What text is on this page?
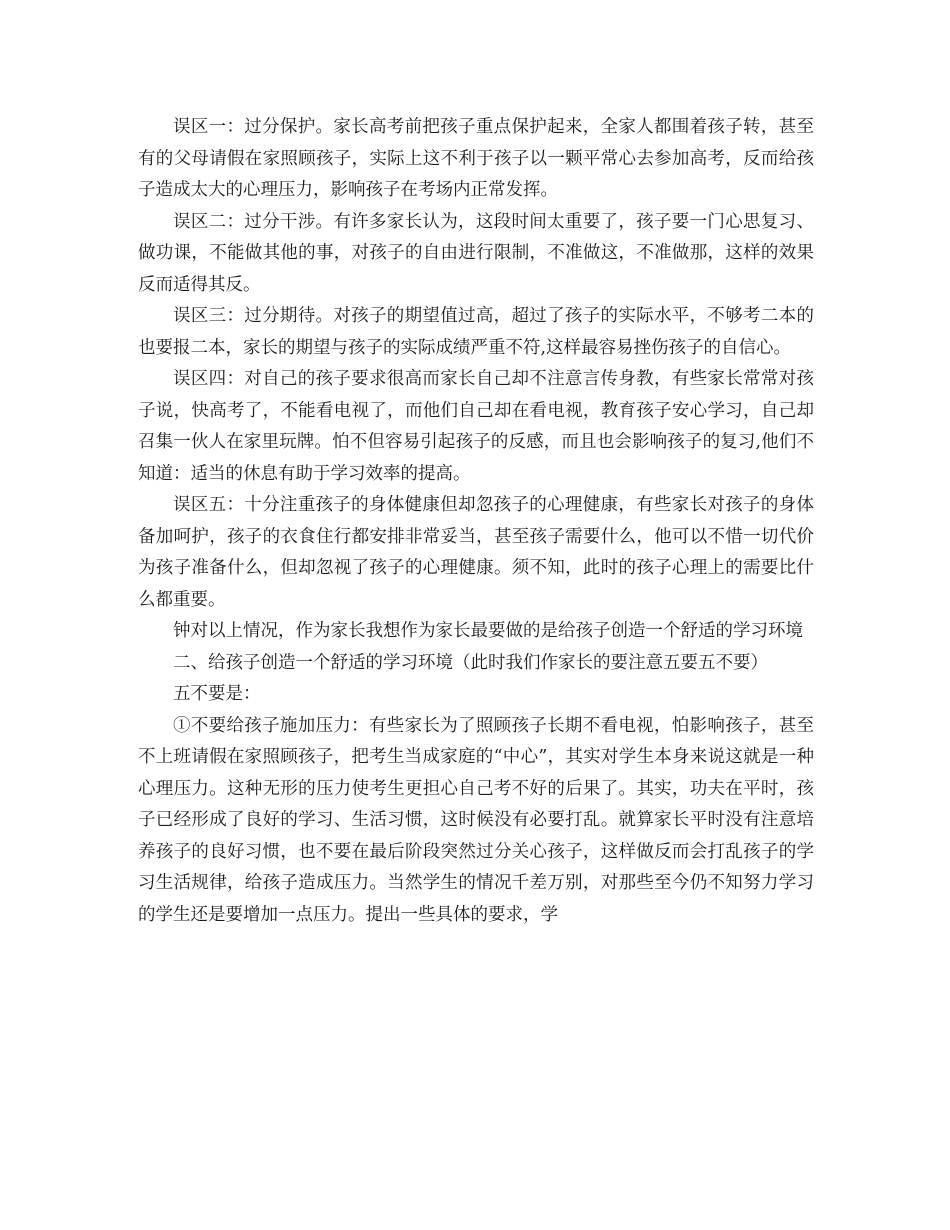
误区一：过分保护。家长高考前把孩子重点保护起来，全家人都围着孩子转，甚至有的父母请假在家照顾孩子，实际上这不利于孩子以一颗平常心去参加高考，反而给孩子造成太大的心理压力，影响孩子在考场内正常发挥。

误区二：过分干涉。有许多家长认为，这段时间太重要了，孩子要一门心思复习、做功课，不能做其他的事，对孩子的自由进行限制，不准做这，不准做那，这样的效果反而适得其反。

误区三：过分期待。对孩子的期望值过高，超过了孩子的实际水平，不够考二本的也要报二本，家长的期望与孩子的实际成绩严重不符,这样最容易挫伤孩子的自信心。

误区四：对自己的孩子要求很高而家长自己却不注意言传身教，有些家长常常对孩子说，快高考了，不能看电视了，而他们自己却在看电视，教育孩子安心学习，自己却召集一伙人在家里玩牌。怕不但容易引起孩子的反感，而且也会影响孩子的复习,他们不知道：适当的休息有助于学习效率的提高。

误区五：十分注重孩子的身体健康但却忽孩子的心理健康，有些家长对孩子的身体备加呵护，孩子的衣食住行都安排非常妥当，甚至孩子需要什么，他可以不惜一切代价为孩子准备什么，但却忽视了孩子的心理健康。须不知，此时的孩子心理上的需要比什么都重要。

钟对以上情况，作为家长我想作为家长最要做的是给孩子创造一个舒适的学习环境

二、给孩子创造一个舒适的学习环境（此时我们作家长的要注意五要五不要）

五不要是：

①不要给孩子施加压力：有些家长为了照顾孩子长期不看电视，怕影响孩子，甚至不上班请假在家照顾孩子，把考生当成家庭的“中心”，其实对学生本身来说这就是一种心理压力。这种无形的压力使考生更担心自己考不好的后果了。其实，功夫在平时，孩子已经形成了良好的学习、生活习惯，这时候没有必要打乱。就算家长平时没有注意培养孩子的良好习惯，也不要在最后阶段突然过分关心孩子，这样做反而会打乱孩子的学习生活规律，给孩子造成压力。当然学生的情况千差万别，对那些至今仍不知努力学习的学生还是要增加一点压力。提出一些具体的要求，学
